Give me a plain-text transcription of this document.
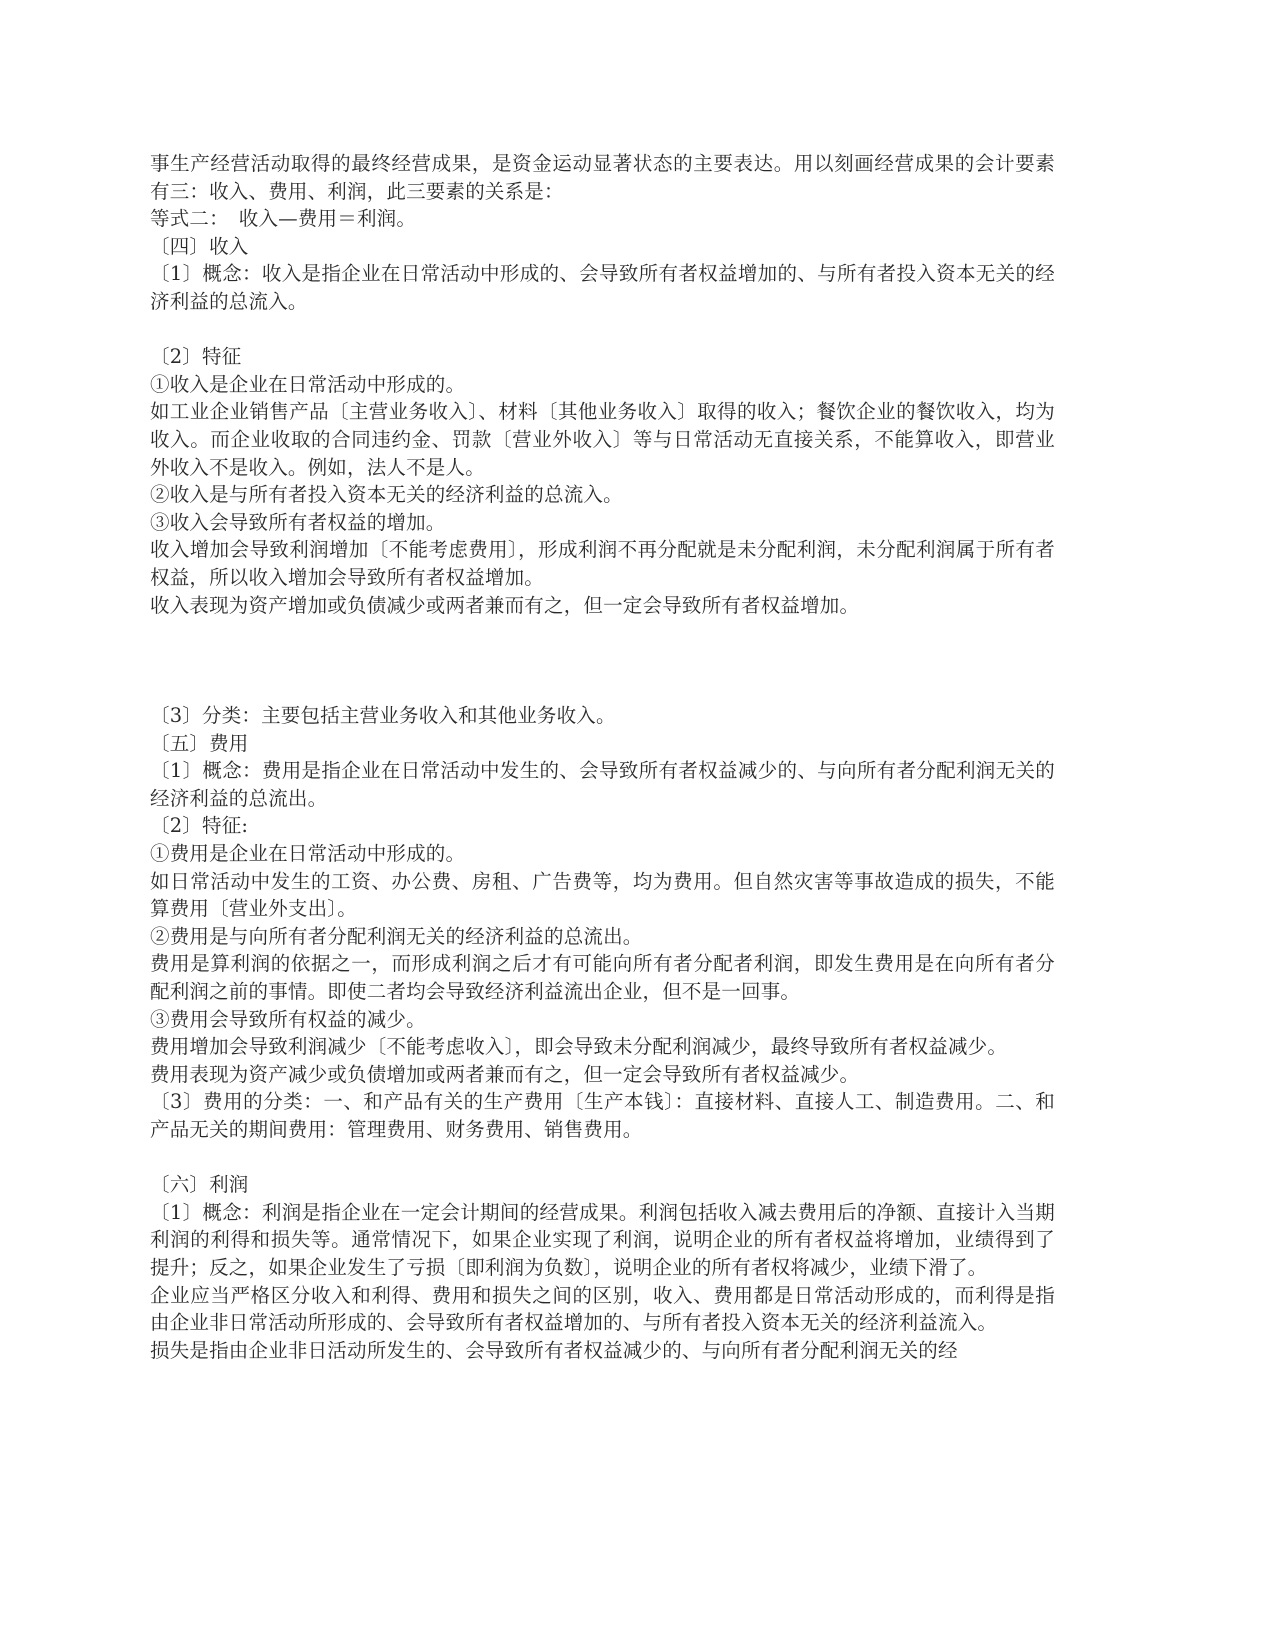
事生产经营活动取得的最终经营成果，是资金运动显著状态的主要表达。用以刻画经营成果的会计要素有三：收入、费用、利润，此三要素的关系是：

等式二：　收入—费用＝利润。

〔四〕收入

〔1〕概念：收入是指企业在日常活动中形成的、会导致所有者权益增加的、与所有者投入资本无关的经济利益的总流入。

〔2〕特征

①收入是企业在日常活动中形成的。

如工业企业销售产品〔主营业务收入〕、材料〔其他业务收入〕取得的收入；餐饮企业的餐饮收入，均为收入。而企业收取的合同违约金、罚款〔营业外收入〕等与日常活动无直接关系，不能算收入，即营业外收入不是收入。例如，法人不是人。

②收入是与所有者投入资本无关的经济利益的总流入。

③收入会导致所有者权益的增加。

收入增加会导致利润增加〔不能考虑费用〕，形成利润不再分配就是未分配利润，未分配利润属于所有者权益，所以收入增加会导致所有者权益增加。

收入表现为资产增加或负债减少或两者兼而有之，但一定会导致所有者权益增加。

〔3〕分类：主要包括主营业务收入和其他业务收入。

〔五〕费用

〔1〕概念：费用是指企业在日常活动中发生的、会导致所有者权益减少的、与向所有者分配利润无关的经济利益的总流出。

〔2〕特征:

①费用是企业在日常活动中形成的。

如日常活动中发生的工资、办公费、房租、广告费等，均为费用。但自然灾害等事故造成的损失，不能算费用〔营业外支出〕。

②费用是与向所有者分配利润无关的经济利益的总流出。

费用是算利润的依据之一，而形成利润之后才有可能向所有者分配者利润，即发生费用是在向所有者分配利润之前的事情。即使二者均会导致经济利益流出企业，但不是一回事。

③费用会导致所有权益的减少。

费用增加会导致利润减少〔不能考虑收入〕，即会导致未分配利润减少，最终导致所有者权益减少。

费用表现为资产减少或负债增加或两者兼而有之，但一定会导致所有者权益减少。

〔3〕费用的分类：一、和产品有关的生产费用〔生产本钱〕：直接材料、直接人工、制造费用。二、和产品无关的期间费用：管理费用、财务费用、销售费用。

〔六〕利润

〔1〕概念：利润是指企业在一定会计期间的经营成果。利润包括收入减去费用后的净额、直接计入当期利润的利得和损失等。通常情况下，如果企业实现了利润，说明企业的所有者权益将增加，业绩得到了提升；反之，如果企业发生了亏损〔即利润为负数〕，说明企业的所有者权将减少，业绩下滑了。

企业应当严格区分收入和利得、费用和损失之间的区别，收入、费用都是日常活动形成的，而利得是指由企业非日常活动所形成的、会导致所有者权益增加的、与所有者投入资本无关的经济利益流入。

损失是指由企业非日活动所发生的、会导致所有者权益减少的、与向所有者分配利润无关的经
